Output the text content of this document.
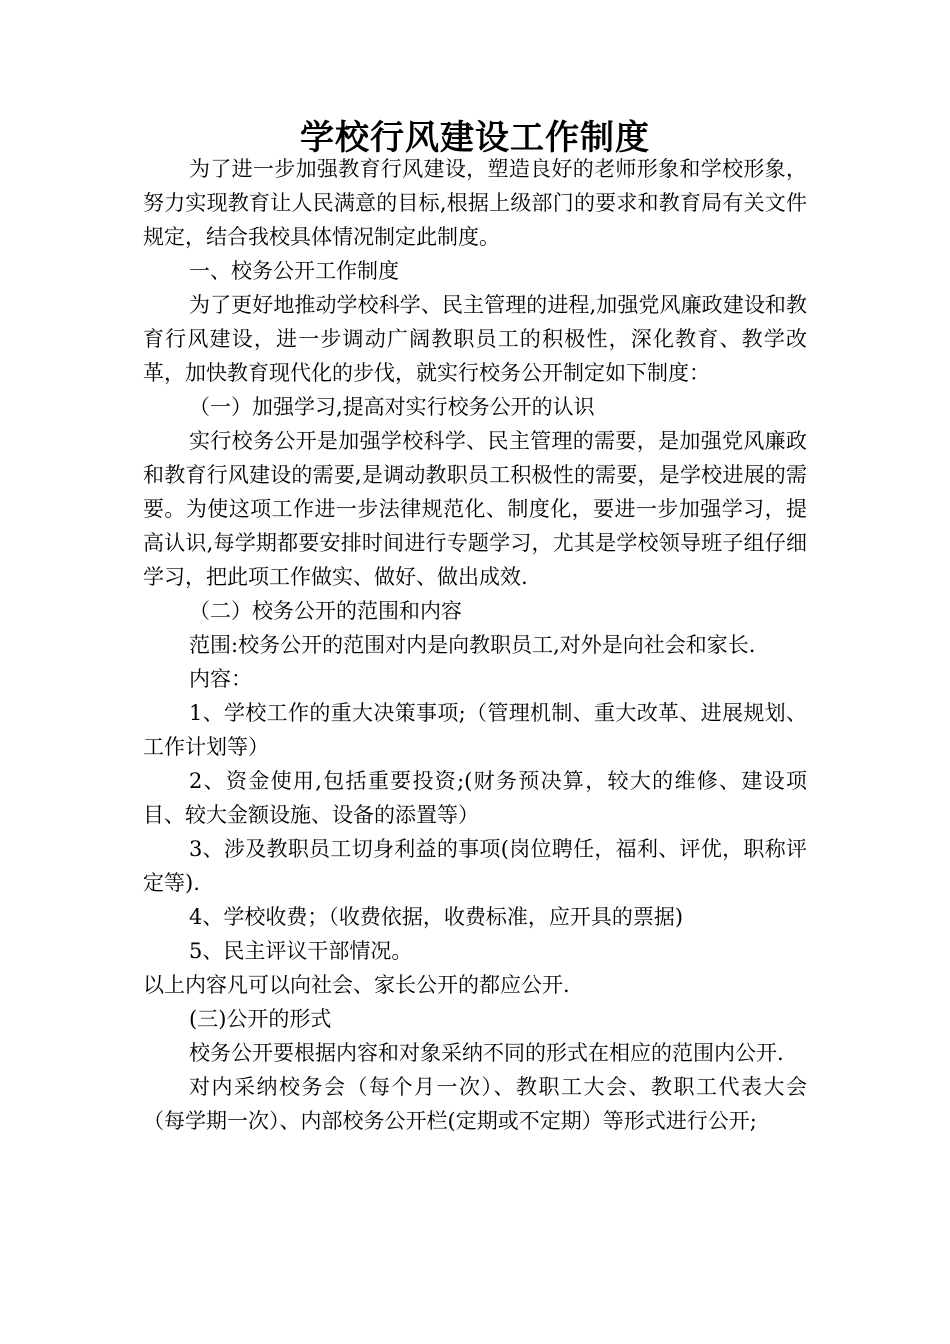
学校行风建设工作制度

为了进一步加强教育行风建设，塑造良好的老师形象和学校形象，努力实现教育让人民满意的目标,根据上级部门的要求和教育局有关文件规定，结合我校具体情况制定此制度。

一、校务公开工作制度

为了更好地推动学校科学、民主管理的进程,加强党风廉政建设和教育行风建设，进一步调动广阔教职员工的积极性，深化教育、教学改革，加快教育现代化的步伐，就实行校务公开制定如下制度：

（一）加强学习,提高对实行校务公开的认识

实行校务公开是加强学校科学、民主管理的需要，是加强党风廉政和教育行风建设的需要,是调动教职员工积极性的需要，是学校进展的需要。为使这项工作进一步法律规范化、制度化，要进一步加强学习，提高认识,每学期都要安排时间进行专题学习，尤其是学校领导班子组仔细学习，把此项工作做实、做好、做出成效.

（二）校务公开的范围和内容

范围:校务公开的范围对内是向教职员工,对外是向社会和家长.

内容：

1、学校工作的重大决策事项;（管理机制、重大改革、进展规划、工作计划等）

2、资金使用,包括重要投资;(财务预决算，较大的维修、建设项目、较大金额设施、设备的添置等）

3、涉及教职员工切身利益的事项(岗位聘任，福利、评优，职称评定等).

4、学校收费；（收费依据，收费标准，应开具的票据)

5、民主评议干部情况。

以上内容凡可以向社会、家长公开的都应公开.

(三)公开的形式

校务公开要根据内容和对象采纳不同的形式在相应的范围内公开.

对内采纳校务会（每个月一次）、教职工大会、教职工代表大会（每学期一次）、内部校务公开栏(定期或不定期）等形式进行公开;
